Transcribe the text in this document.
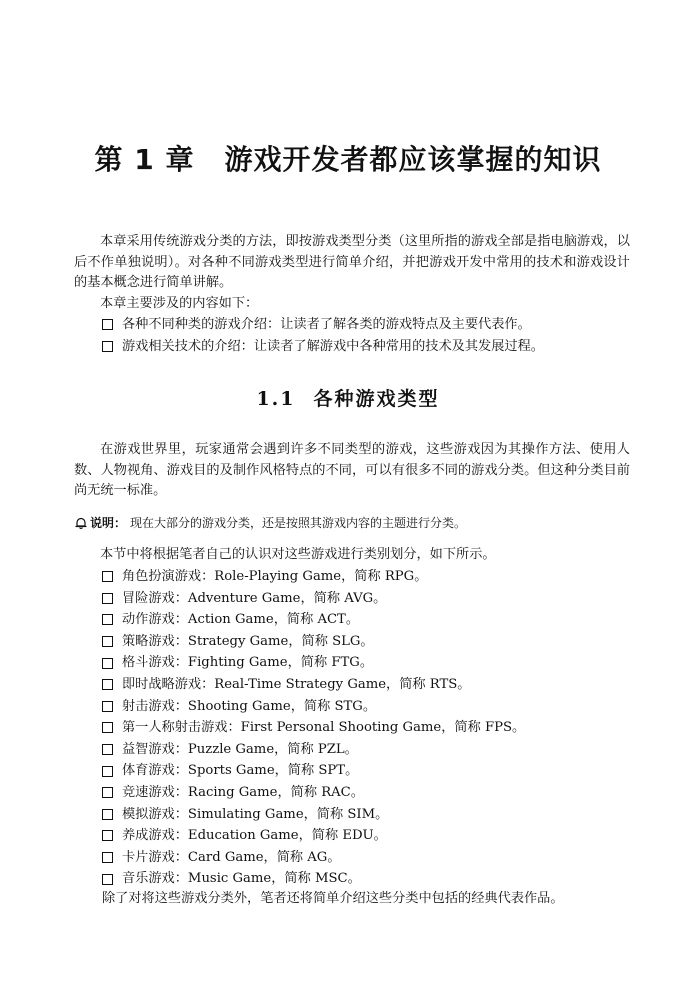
第 1 章 游戏开发者都应该掌握的知识

本章采用传统游戏分类的方法，即按游戏类型分类（这里所指的游戏全部是指电脑游戏，以后不作单独说明）。对各种不同游戏类型进行简单介绍，并把游戏开发中常用的技术和游戏设计的基本概念进行简单讲解。

本章主要涉及的内容如下：

各种不同种类的游戏介绍：让读者了解各类的游戏特点及主要代表作。
游戏相关技术的介绍：让读者了解游戏中各种常用的技术及其发展过程。
1.1 各种游戏类型

在游戏世界里，玩家通常会遇到许多不同类型的游戏，这些游戏因为其操作方法、使用人数、人物视角、游戏目的及制作风格特点的不同，可以有很多不同的游戏分类。但这种分类目前尚无统一标准。

说明： 现在大部分的游戏分类，还是按照其游戏内容的主题进行分类。

本节中将根据笔者自己的认识对这些游戏进行类别划分，如下所示。

角色扮演游戏：Role-Playing Game，简称 RPG。
冒险游戏：Adventure Game，简称 AVG。
动作游戏：Action Game，简称 ACT。
策略游戏：Strategy Game，简称 SLG。
格斗游戏：Fighting Game，简称 FTG。
即时战略游戏：Real-Time Strategy Game，简称 RTS。
射击游戏：Shooting Game，简称 STG。
第一人称射击游戏：First Personal Shooting Game，简称 FPS。
益智游戏：Puzzle Game，简称 PZL。
体育游戏：Sports Game，简称 SPT。
竞速游戏：Racing Game，简称 RAC。
模拟游戏：Simulating Game，简称 SIM。
养成游戏：Education Game，简称 EDU。
卡片游戏：Card Game，简称 AG。
音乐游戏：Music Game，简称 MSC。

除了对将这些游戏分类外，笔者还将简单介绍这些分类中包括的经典代表作品。
